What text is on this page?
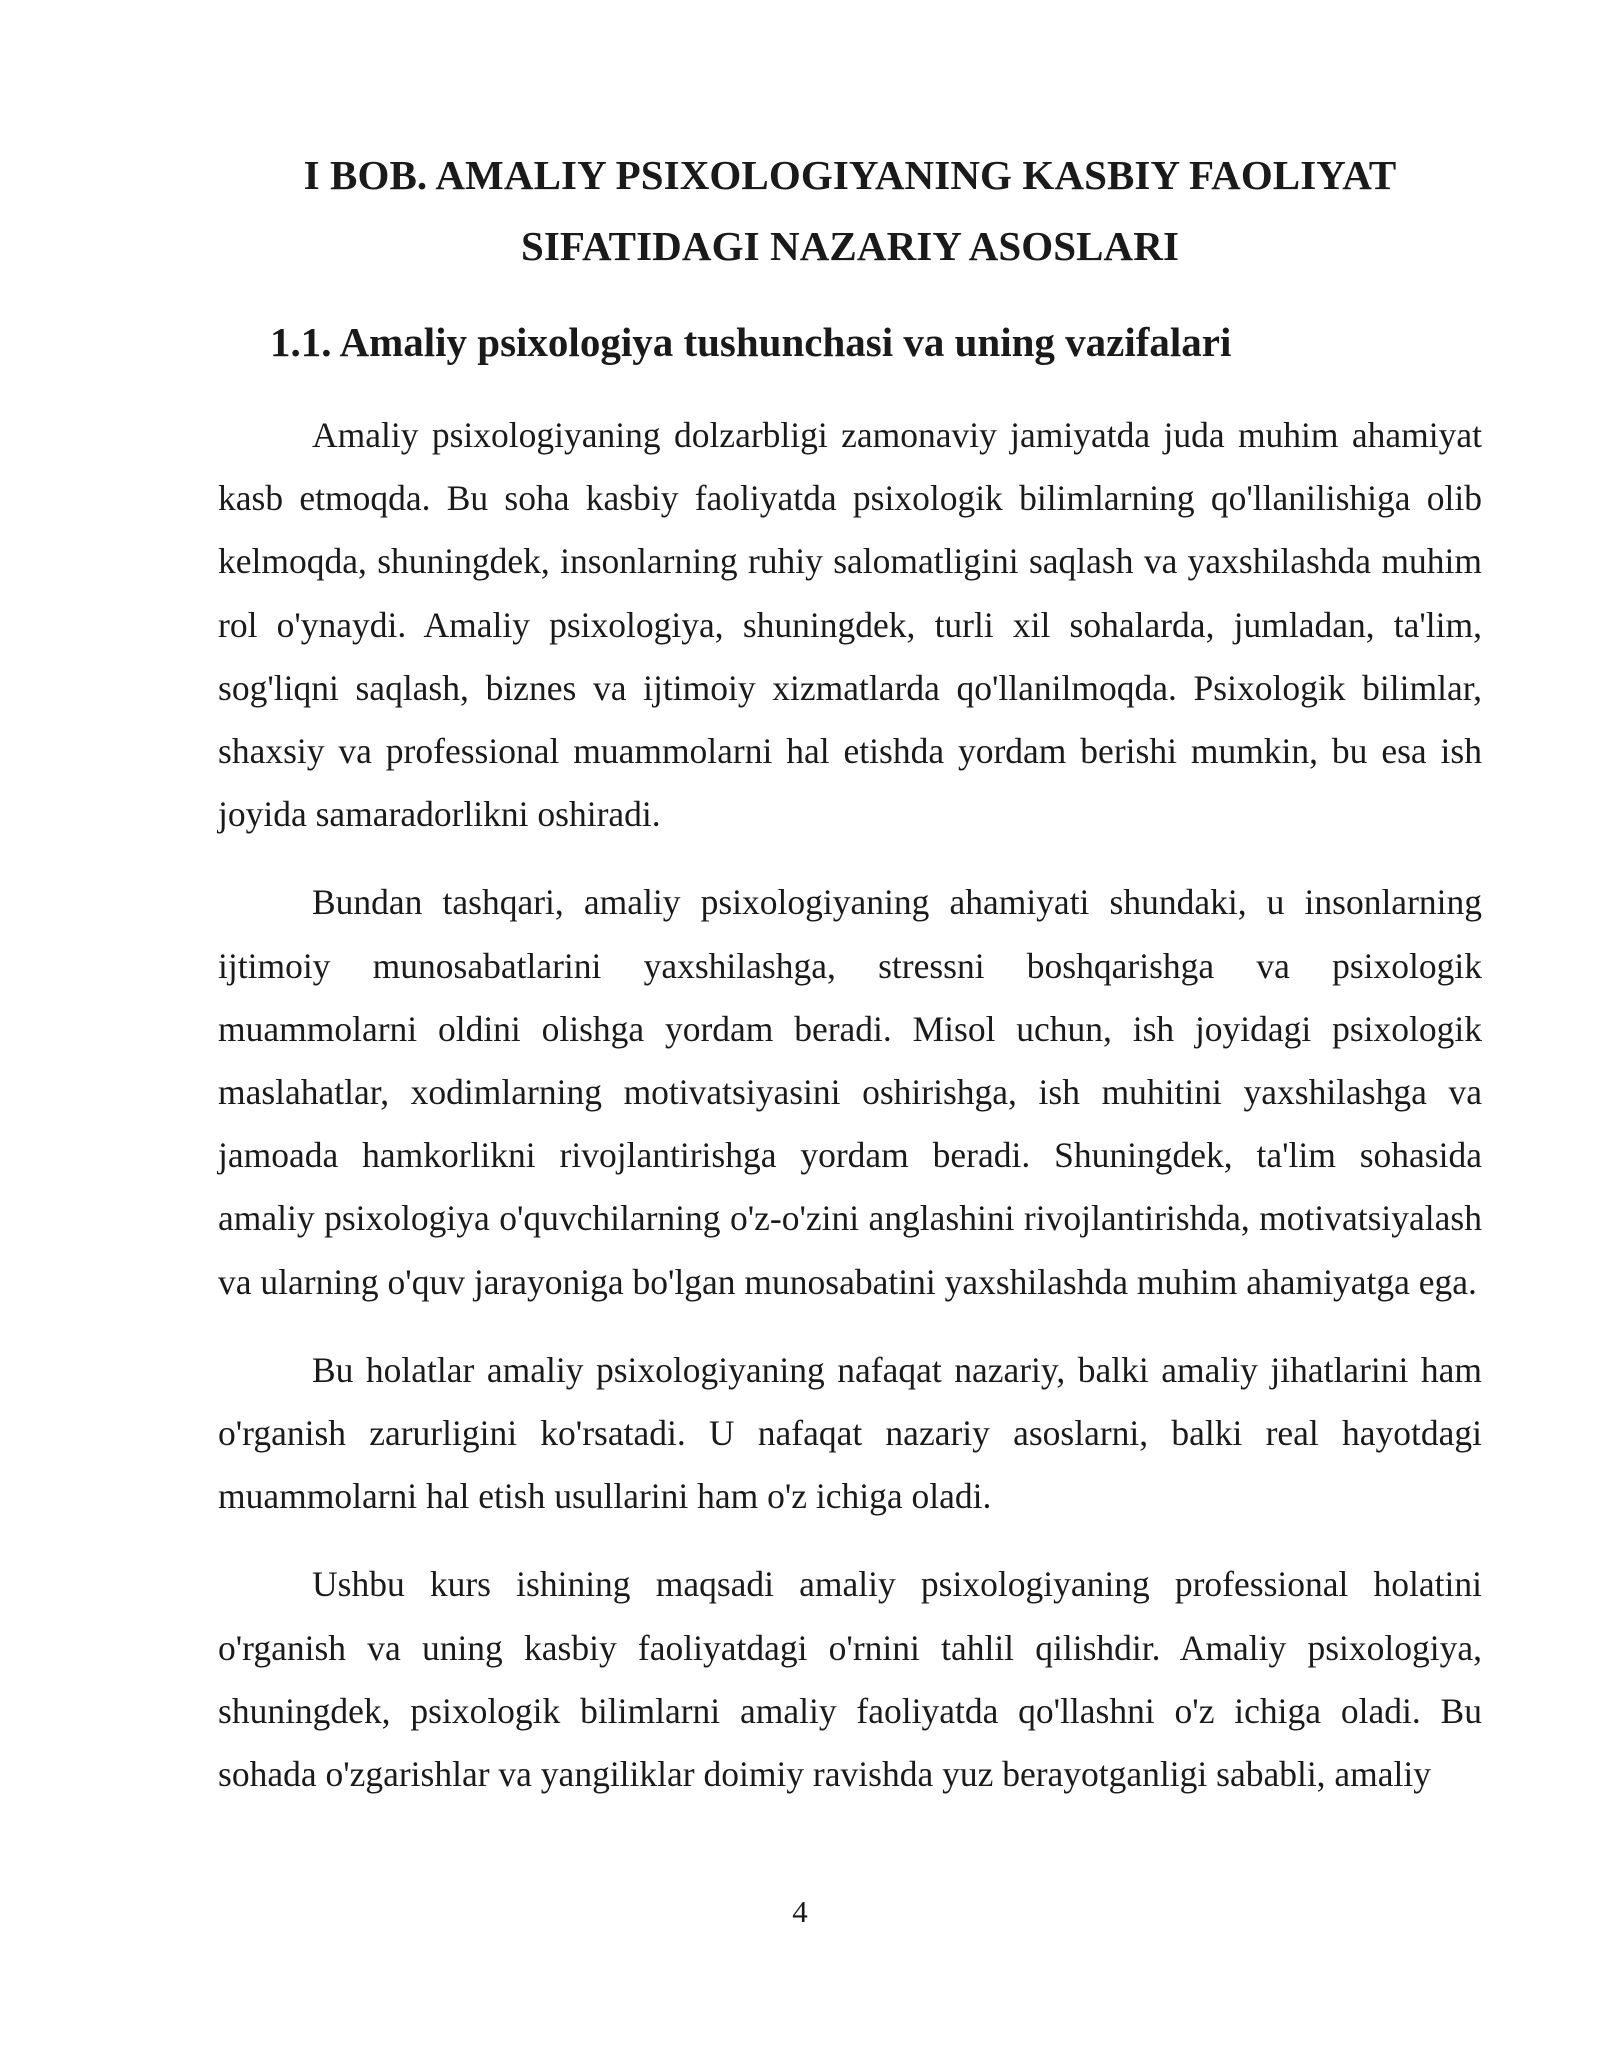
I BOB. AMALIY PSIXOLOGIYANING KASBIY FAOLIYAT SIFATIDAGI NAZARIY ASOSLARI
1.1. Amaliy psixologiya tushunchasi va uning vazifalari

Amaliy psixologiyaning dolzarbligi zamonaviy jamiyatda juda muhim ahamiyat kasb etmoqda. Bu soha kasbiy faoliyatda psixologik bilimlarning qo'llanilishiga olib kelmoqda, shuningdek, insonlarning ruhiy salomatligini saqlash va yaxshilashda muhim rol o'ynaydi. Amaliy psixologiya, shuningdek, turli xil sohalarda, jumladan, ta'lim, sog'liqni saqlash, biznes va ijtimoiy xizmatlarda qo'llanilmoqda. Psixologik bilimlar, shaxsiy va professional muammolarni hal etishda yordam berishi mumkin, bu esa ish joyida samaradorlikni oshiradi.

Bundan tashqari, amaliy psixologiyaning ahamiyati shundaki, u insonlarning ijtimoiy munosabatlarini yaxshilashga, stressni boshqarishga va psixologik muammolarni oldini olishga yordam beradi. Misol uchun, ish joyidagi psixologik maslahatlar, xodimlarning motivatsiyasini oshirishga, ish muhitini yaxshilashga va jamoada hamkorlikni rivojlantirishga yordam beradi. Shuningdek, ta'lim sohasida amaliy psixologiya o'quvchilarning o'z-o'zini anglashini rivojlantirishda, motivatsiyalash va ularning o'quv jarayoniga bo'lgan munosabatini yaxshilashda muhim ahamiyatga ega.

Bu holatlar amaliy psixologiyaning nafaqat nazariy, balki amaliy jihatlarini ham o'rganish zarurligini ko'rsatadi. U nafaqat nazariy asoslarni, balki real hayotdagi muammolarni hal etish usullarini ham o'z ichiga oladi.

Ushbu kurs ishining maqsadi amaliy psixologiyaning professional holatini o'rganish va uning kasbiy faoliyatdagi o'rnini tahlil qilishdir. Amaliy psixologiya, shuningdek, psixologik bilimlarni amaliy faoliyatda qo'llashni o'z ichiga oladi. Bu sohada o'zgarishlar va yangiliklar doimiy ravishda yuz berayotganligi sababli, amaliy

4
